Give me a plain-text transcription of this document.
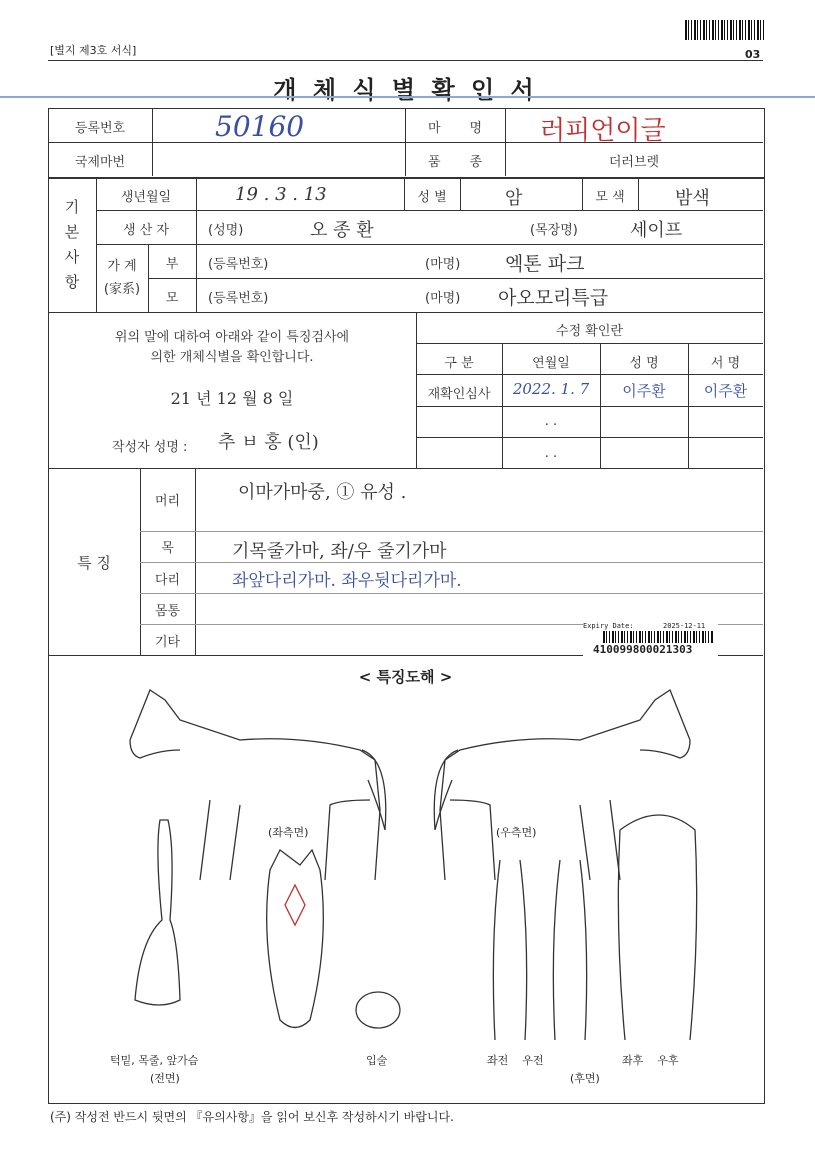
[별지 제3호 서식]	03
개 체 식 별 확 인 서
등록번호	50160
국제마번
마       명	러피언이글
품       종	더러브렛
기본사항
생년월일	19 . 3 . 13	성 별	암	모 색	밤색
생 산 자	(성명)	오 종 환	(목장명)	세이프
가 계
(家系)
부	(등록번호)	(마명) 엑톤 파크
모	(등록번호)	(마명) 아오모리특급
위의 말에 대하여 아래와 같이 특징검사에
의한 개체식별을 확인합니다.
21 년 12 월 8 일
작성자 성명 : 추 ㅂ 홍 (인)
수정 확인란
구 분	연월일	성 명	서 명
재확인심사	2022. 1. 7	이주환	이주환
. .
. .
특 징
머리	이마가마중, ① 유성 .
목	기목줄가마, 좌/우 줄기가마
다리	좌앞다리가마. 좌우뒷다리가마.
몸통
기타
Expiry Date:	2025-12-11
410099800021303
< 특징도해 >
(좌측면)	(우측면)
턱밑, 목줄, 앞가슴
(전면)
입술	좌전    우전	좌후    우후
(후면)
(주) 작성전 반드시 뒷면의 『유의사항』을 읽어 보신후 작성하시기 바랍니다.
